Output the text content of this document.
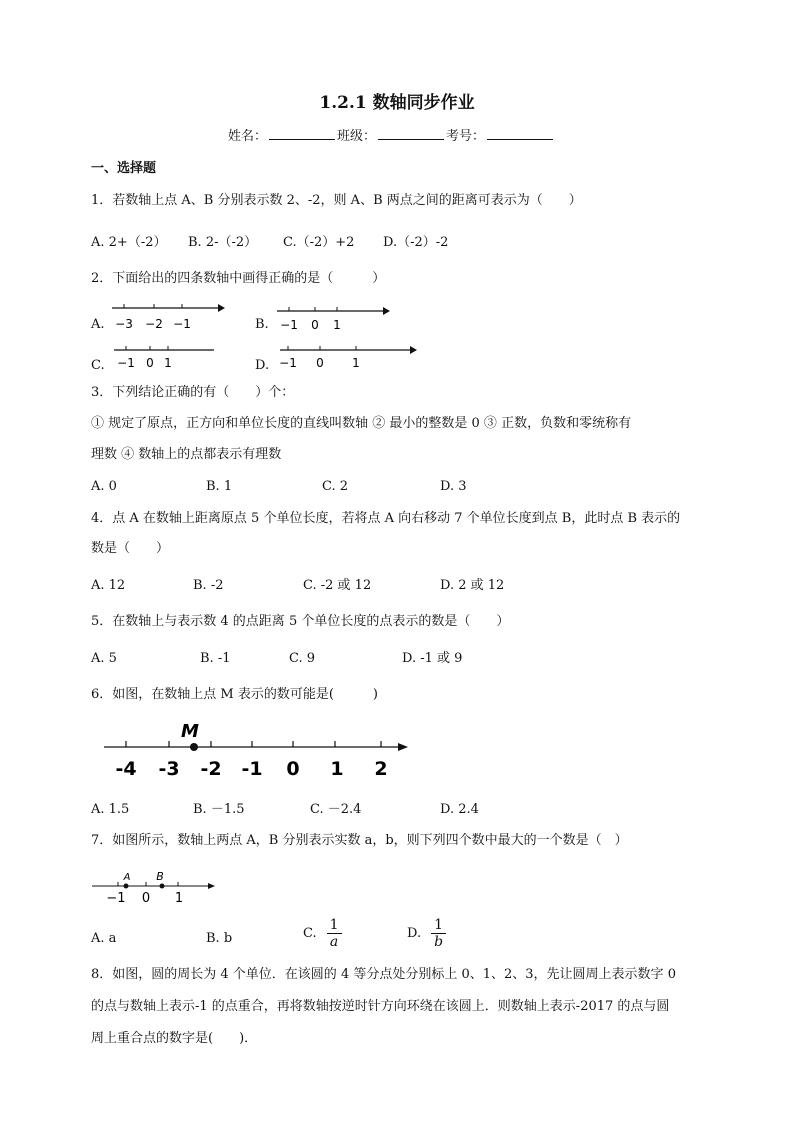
1.2.1 数轴同步作业
姓名：	班级：	考号：
一、选择题
1．若数轴上点 A、B 分别表示数 2、-2，则 A、B 两点之间的距离可表示为（　　）
A. 2+（-2） B. 2-（-2） C.（-2）+2 D.（-2）-2
2．下面给出的四条数轴中画得正确的是（　　　）
A.	B.
C.	D.
−3 −2 −1	−1 0 1
−1 0 1	−1 0 1
3．下列结论正确的有（　　）个：
① 规定了原点，正方向和单位长度的直线叫数轴 ② 最小的整数是 0 ③ 正数，负数和零统称有
理数 ④ 数轴上的点都表示有理数
A. 0	B. 1	C. 2	D. 3
4．点 A 在数轴上距离原点 5 个单位长度，若将点 A 向右移动 7 个单位长度到点 B，此时点 B 表示的
数是（　　）
A. 12	B. -2	C. -2 或 12	D. 2 或 12
5．在数轴上与表示数 4 的点距离 5 个单位长度的点表示的数是（　　）
A. 5	B. -1	C. 9	D. -1 或 9
6．如图，在数轴上点 M 表示的数可能是(　　　)
M
-4 -3 -2 -1 0 1 2
A. 1.5	B. －1.5	C. －2.4	D. 2.4
7．如图所示，数轴上两点 A，B 分别表示实数 a，b，则下列四个数中最大的一个数是（　）
A B
−1 0 1
A. a	B. b	C. $\frac{1}{a}$	D. $\frac{1}{b}$
8．如图，圆的周长为 4 个单位．在该圆的 4 等分点处分别标上 0、1、2、3，先让圆周上表示数字 0
的点与数轴上表示-1 的点重合，再将数轴按逆时针方向环绕在该圆上．则数轴上表示-2017 的点与圆
周上重合点的数字是(　　)．
